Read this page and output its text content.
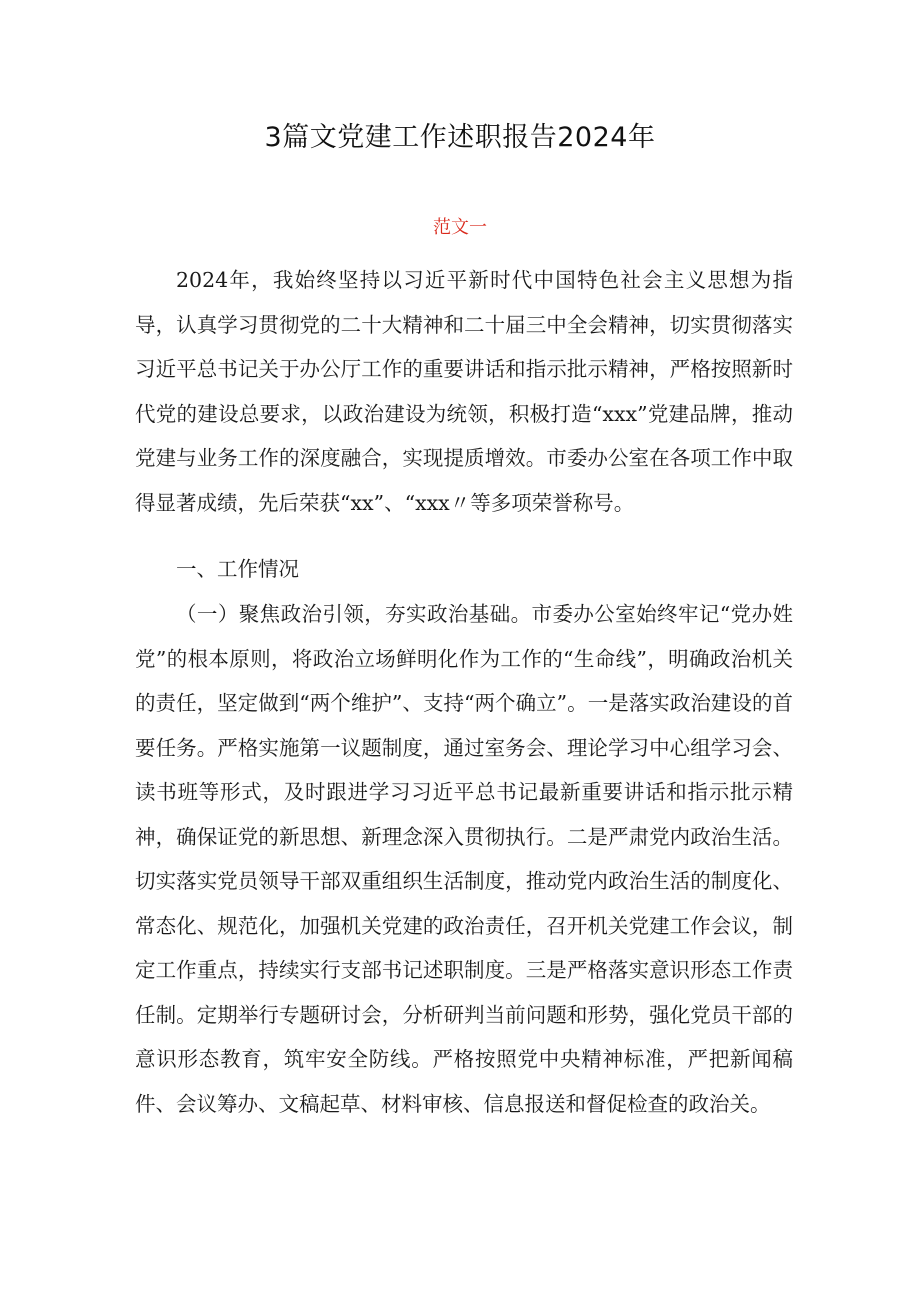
3篇文党建工作述职报告2024年
范文一

2024年，我始终坚持以习近平新时代中国特色社会主义思想为指导，认真学习贯彻党的二十大精神和二十届三中全会精神，切实贯彻落实习近平总书记关于办公厅工作的重要讲话和指示批示精神，严格按照新时代党的建设总要求，以政治建设为统领，积极打造“xxx”党建品牌，推动党建与业务工作的深度融合，实现提质增效。市委办公室在各项工作中取得显著成绩，先后荣获“xx”、“xxx〃等多项荣誉称号。

一、工作情况

（一）聚焦政治引领，夯实政治基础。市委办公室始终牢记“党办姓党”的根本原则，将政治立场鲜明化作为工作的“生命线”，明确政治机关的责任，坚定做到“两个维护”、支持“两个确立”。一是落实政治建设的首要任务。严格实施第一议题制度，通过室务会、理论学习中心组学习会、读书班等形式，及时跟进学习习近平总书记最新重要讲话和指示批示精神，确保证党的新思想、新理念深入贯彻执行。二是严肃党内政治生活。切实落实党员领导干部双重组织生活制度，推动党内政治生活的制度化、常态化、规范化，加强机关党建的政治责任，召开机关党建工作会议，制定工作重点，持续实行支部书记述职制度。三是严格落实意识形态工作责任制。定期举行专题研讨会，分析研判当前问题和形势，强化党员干部的意识形态教育，筑牢安全防线。严格按照党中央精神标准，严把新闻稿件、会议筹办、文稿起草、材料审核、信息报送和督促检查的政治关。
